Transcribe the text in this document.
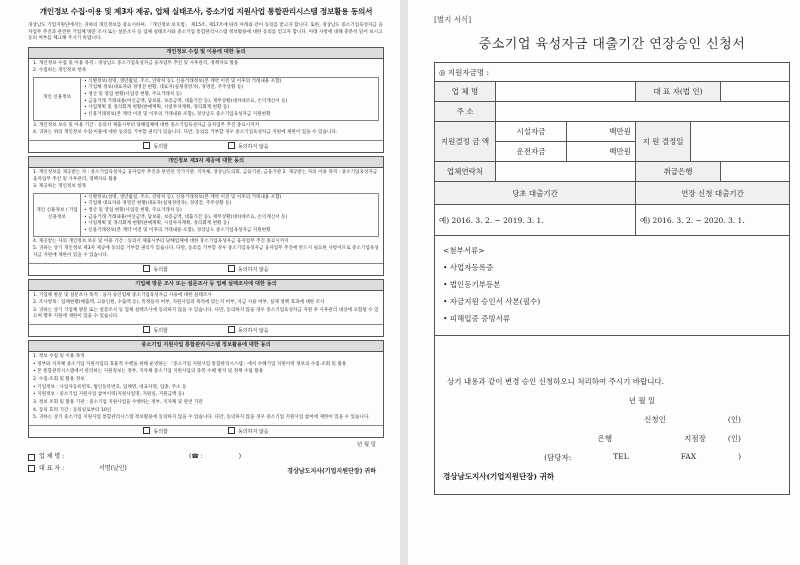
개인정보 수집·이용 및 제3자 제공, 업체 실태조사, 중소기업 지원사업 통합관리시스템 정보활용 동의서
경상남도 기업지원단에서는 귀하의 개인정보를 중요시하며, 「개인정보 보호법」 제15조, 제17조에 따라 아래와 같이 동의를 받고자 합니다. 또한, 경상남도 중소기업육성자금 융자업무 추진과 관련한 기업체 방문 조사 또는 설문조사 등 업체 실태조사와 중소기업 통합관리시스템 정보활용에 대한 동의를 얻고자 합니다. 아래 사항에 대해 충분히 읽어 보시고 동의 여부를 체크해 주시기 바랍니다.
개인정보 수집 및 이용에 대한 동의

1. 개인정보 수집 및 이용 목적 : 경상남도 중소기업육성자금 융자업무 추진 및 사후관리, 정책자료 활용

2. 수집하는 개인정보 항목

개인 신용정보
• 식별정보(성명, 생년월일, 주소, 연락처 등), 신용거래정보(본 계약 이전 및 이후의 거래내용 포함)
• 기업체 정보(대표자와 경영진 현황, 대표자(실제경영자), 경영진, 주주상황 등)
• 생산 및 영업 현황(사업장 현황, 주요거래처 등)
• 금융거래 거래내용(여신금액, 담보물, 보증금액, 대출기간 등), 재무상황(대차대조표, 손익계산서 등)
• 사업계획 및 경리회계 현황(판매계획, 시설투자계획, 경리회계 현황 등)
• 신용거래정보(본 계약 이전 및 이후의 거래내용 포함), 경상남도 중소기업육성자금 지원현황

3. 개인정보 보유 및 이용 기간 : 동의서 제출시부터 당해업체에 대한 중소기업육성자금 융자업무 추진 종료시까지

4. 귀하는 위의 개인정보 수집·이용에 대한 동의를 거부할 권리가 있습니다. 다만, 동의를 거부할 경우 중소기업육성자금 지원에 제한이 있을 수 있습니다.

동의함	동의하지 않음
개인정보 제3자 제공에 대한 동의

1. 개인정보를 제공받는 자 : 중소기업육성자금 융자업무 추진과 관련된 국가기관, 지자체, 경상남도의회, 금융기관, 금융기관 2. 제공받는 자의 이용 목적 : 중소기업육성자금 융자업무 추진 및 사후관리, 정책자료 활용

3. 제공하는 개인정보 항목

개인 신용정보 / 기업 신용정보
• 식별정보(성명, 생년월일, 주소, 연락처 등), 신용거래정보(본 계약 이전 및 이후의 거래내용 포함)
• 기업체 대표자와 경영진 현황(대표자(실제경영자), 경영진, 주주상황 등)
• 생산 및 영업 현황(사업장 현황, 주요거래처 등)
• 금융거래 거래내용(여신금액, 담보물, 보증금액, 대출기간 등), 재무상황(대차대조표, 손익계산서 등)
• 사업계획 및 경리회계 현황(판매계획, 시설투자계획, 경리회계 현황 등)
• 신용거래정보(본 계약 이전 및 이후의 거래내용 포함), 경상남도 중소기업육성자금 지원현황

4. 제공받는 자의 개인정보 보유 및 이용 기간 : 동의서 제출시부터 당해업체에 대한 중소기업육성자금 융자업무 추진 종료시까지

5. 귀하는 상기 개인정보 제3자 제공에 동의를 거부할 권리가 있습니다. 다만, 동의를 거부할 경우 중소기업육성자금 융자업무 추진에 반드시 필요한 사항이므로 중소기업육성자금 지원에 제한이 있을 수 있습니다.

동의함	동의하지 않음
기업체 방문 조사 또는 설문조사 등 업체 실태조사에 대한 동의

1. 기업체 방문 및 설문조사 목적 : 융자 승인업체 중소기업육성자금 사용에 대한 실태조사

2. 조사항목 : 업체현황(매출액, 고용인원, 수출액 등), 특정융자 여부, 지원사업과 목적에 맞는지 여부, 자금 사용 여부, 실제 정책 효과에 대한 조사

3. 귀하는 상기 기업체 방문 또는 설문조사 등 업체 실태조사에 동의하지 않을 수 있습니다. 다만, 동의하지 않을 경우 중소기업육성자금 지원 후 사후관리 대상에 포함될 수 있으며 향후 지원에 제한이 있을 수 있습니다.

동의함	동의하지 않음
중소기업 지원사업 통합관리시스템 정보활용에 대한 동의

1. 정보 수집 및 이용 목적

• 정부와 지자체 중소기업 지원사업의 효율적 수행을 위해 운영하는 「중소기업 지원사업 통합관리시스템」에서 수혜기업 지원이력 정보의 수집·조회 및 활용

• 본 통합관리시스템에서 관리하는 지원정보는 정부, 지자체 중소기업 지원사업의 중복 수혜 방지 및 정책 수립 활용

2. 수집·조회 및 활용 정보

• 기업정보 : 사업자등록번호, 법인등록번호, 업체명, 대표자명, 업종, 주소 등

• 지원정보 : 중소기업 지원사업 참여이력(지원사업명, 지원일, 지원금액 등)

3. 정보 조회 및 활용 기관 : 중소기업 지원사업을 수행하는 정부, 지자체 및 관련 기관

4. 동의 효력 기간 : 동의일로부터 10년

5. 귀하는 상기 중소기업 지원사업 통합관리시스템 정보활용에 동의하지 않을 수 있습니다. 다만, 동의하지 않을 경우 중소기업 지원사업 참여에 제한이 있을 수 있습니다.

동의함	동의하지 않음
년 월 일
업 체 명 :	(☎ :	)
대 표 자 :	서명(날인)
경상남도지사(기업지원단장) 귀하
[별지 서식]
중소기업 육성자금 대출기간 연장승인 신청서
◎ 지원자금명 :					
업 체 명			대 표 자(법 인)		
주 소					
지원결정 금 액	시설자금	백만원	지 원 결정일		
	운전자금	백만원			
업체연락처			취급은행		
당초 대출기간			연장 신청 대출기간		
예) 2016. 3. 2. ~ 2019. 3. 1.			예) 2016. 3. 2. ~ 2020. 3. 1.		
<첨부서류>
• 사업자등록증
• 법인등기부등본
• 자금지원 승인서 사본(필수)
• 피해입증 증빙서류
상기 내용과 같이 변경 승인 신청하오니 처리하여 주시기 바랍니다.
년 월 일
신청인	(인)
은행	지점장	(인)
(담당자:	TEL	FAX	)
경상남도지사(기업지원단장) 귀하
